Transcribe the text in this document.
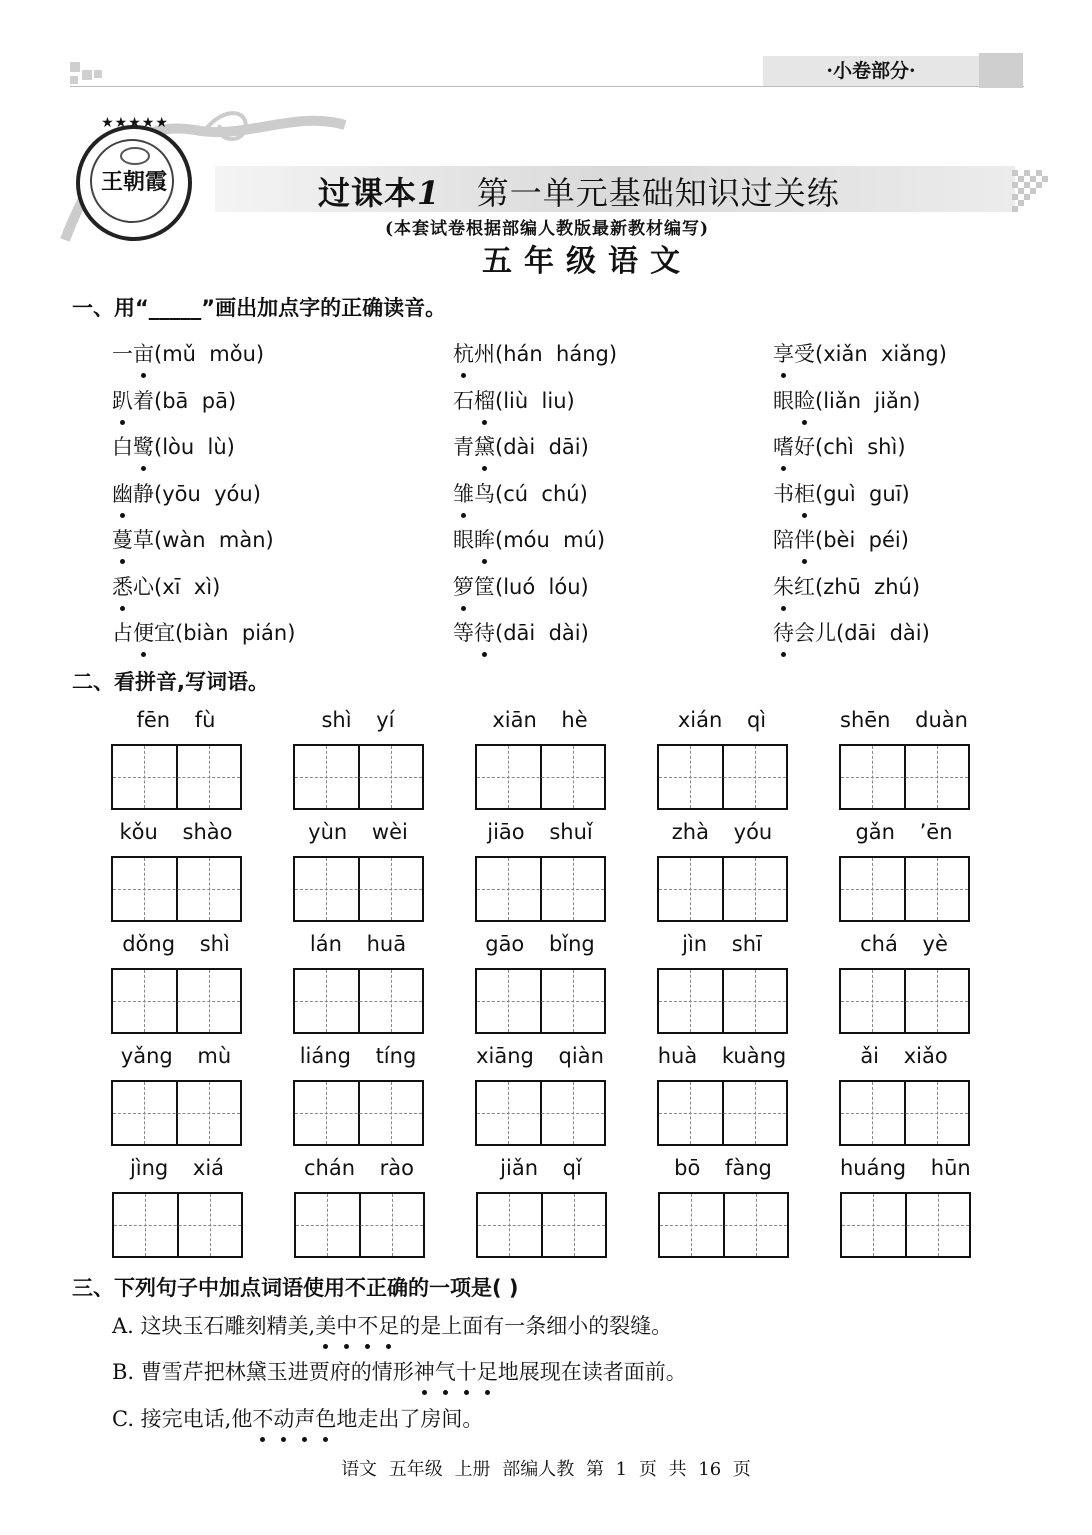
·小卷部分·
★★★★★
王朝霞	过课本1 第一单元基础知识过关练
(本套试卷根据部编人教版最新教材编写)
五年级语文
一、用“_____”画出加点字的正确读音。
一亩(mǔ  mǒu)	杭州(hán  háng)	享受(xiǎn  xiǎng)
趴着(bā  pā)	石榴(liù  liu)	眼睑(liǎn  jiǎn)
白鹭(lòu  lù)	青黛(dài  dāi)	嗜好(chì  shì)
幽静(yōu  yóu)	雏鸟(cú  chú)	书柜(guì  guī)
蔓草(wàn  màn)	眼眸(móu  mú)	陪伴(bèi  péi)
悉心(xī  xì)	箩筐(luó  lóu)	朱红(zhū  zhú)
占便宜(biàn  pián)	等待(dāi  dài)	待会儿(dāi  dài)
二、看拼音,写词语。
fēn fù	shì yí	xiān hè	xián qì	shēn duàn
kǒu shào	yùn wèi	jiāo shuǐ	zhà yóu	gǎn ’ēn
dǒng shì	lán huā	gāo bǐng	jìn shī	chá yè
yǎng mù	liáng tíng	xiāng qiàn	huà kuàng	ǎi xiǎo
jìng xiá	chán rào	jiǎn qǐ	bō fàng	huáng hūn
三、下列句子中加点词语使用不正确的一项是( )
A. 这块玉石雕刻精美,美中不足的是上面有一条细小的裂缝。
B. 曹雪芹把林黛玉进贾府的情形神气十足地展现在读者面前。
C. 接完电话,他不动声色地走出了房间。
语文 五年级 上册 部编人教 第 1 页 共 16 页
